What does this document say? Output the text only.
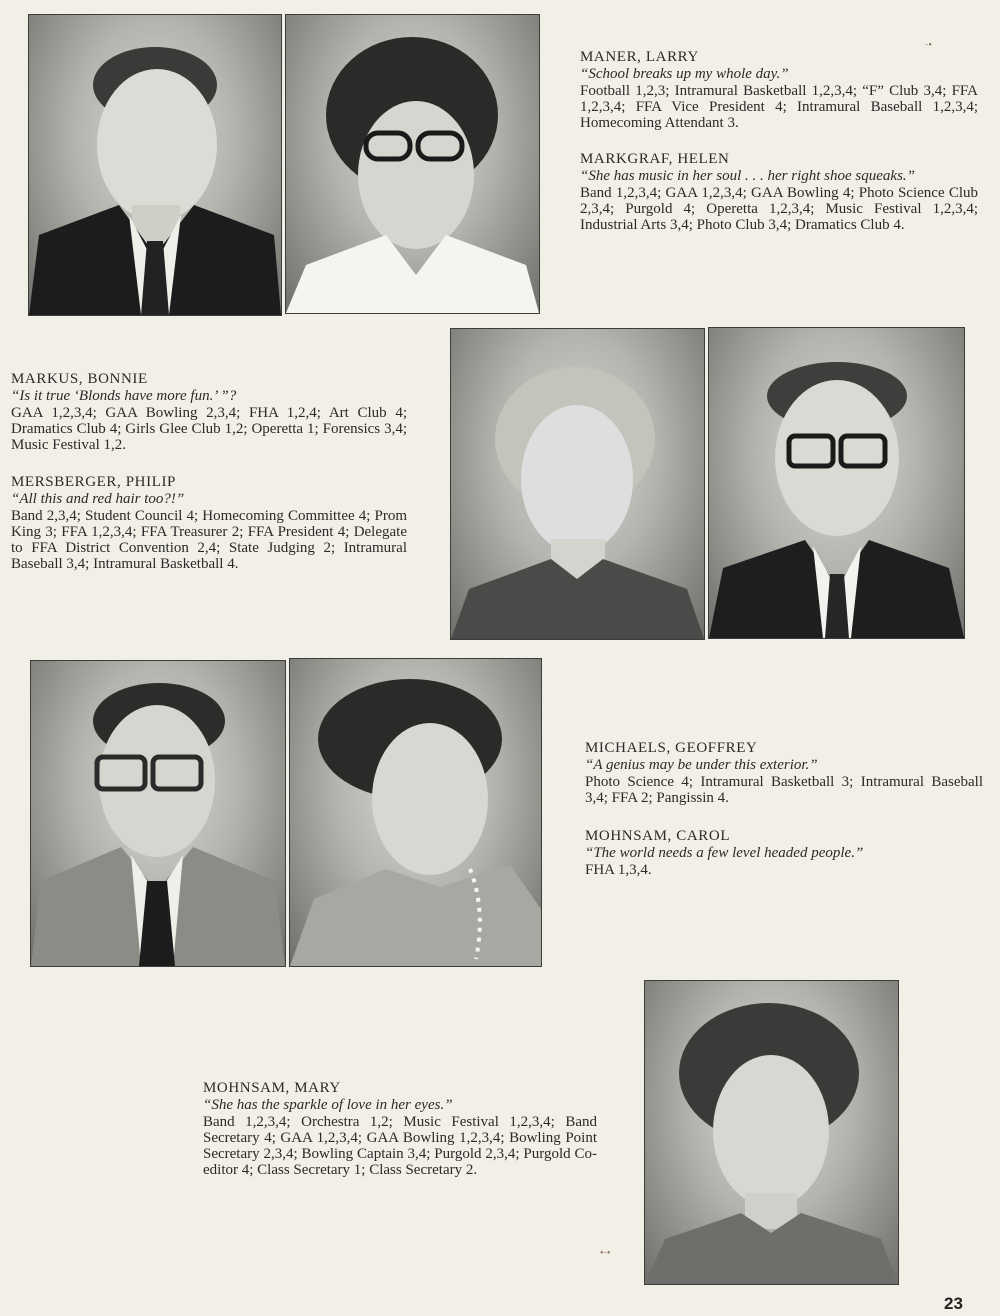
MANER, LARRY
“School breaks up my whole day.”
Football 1,2,3; Intramural Basketball 1,2,3,4; “F” Club 3,4; FFA 1,2,3,4; FFA Vice President 4; Intramural Baseball 1,2,3,4; Homecoming Attendant 3.
MARKGRAF, HELEN
“She has music in her soul . . . her right shoe squeaks.”
Band 1,2,3,4; GAA 1,2,3,4; GAA Bowling 4; Photo Science Club 2,3,4; Purgold 4; Operetta 1,2,3,4; Music Festival 1,2,3,4; Industrial Arts 3,4; Photo Club 3,4; Dramatics Club 4.
MARKUS, BONNIE
“Is it true ‘Blonds have more fun.’ ”?
GAA 1,2,3,4; GAA Bowling 2,3,4; FHA 1,2,4; Art Club 4; Dramatics Club 4; Girls Glee Club 1,2; Operetta 1; Forensics 3,4; Music Festival 1,2.
MERSBERGER, PHILIP
“All this and red hair too?!”
Band 2,3,4; Student Council 4; Homecoming Committee 4; Prom King 3; FFA 1,2,3,4; FFA Treasurer 2; FFA President 4; Delegate to FFA District Convention 2,4; State Judging 2; Intramural Baseball 3,4; Intramural Basketball 4.
MICHAELS, GEOFFREY
“A genius may be under this exterior.”
Photo Science 4; Intramural Basketball 3; Intramural Baseball 3,4; FFA 2; Pangissin 4.
MOHNSAM, CAROL
“The world needs a few level headed people.”
FHA 1,3,4.
MOHNSAM, MARY
“She has the sparkle of love in her eyes.”
Band 1,2,3,4; Orchestra 1,2; Music Festival 1,2,3,4; Band Secretary 4; GAA 1,2,3,4; GAA Bowling 1,2,3,4; Bowling Point Secretary 2,3,4; Bowling Captain 3,4; Purgold 2,3,4; Purgold Co-editor 4; Class Secretary 1; Class Secretary 2.
⋅•
•⋅•
23
